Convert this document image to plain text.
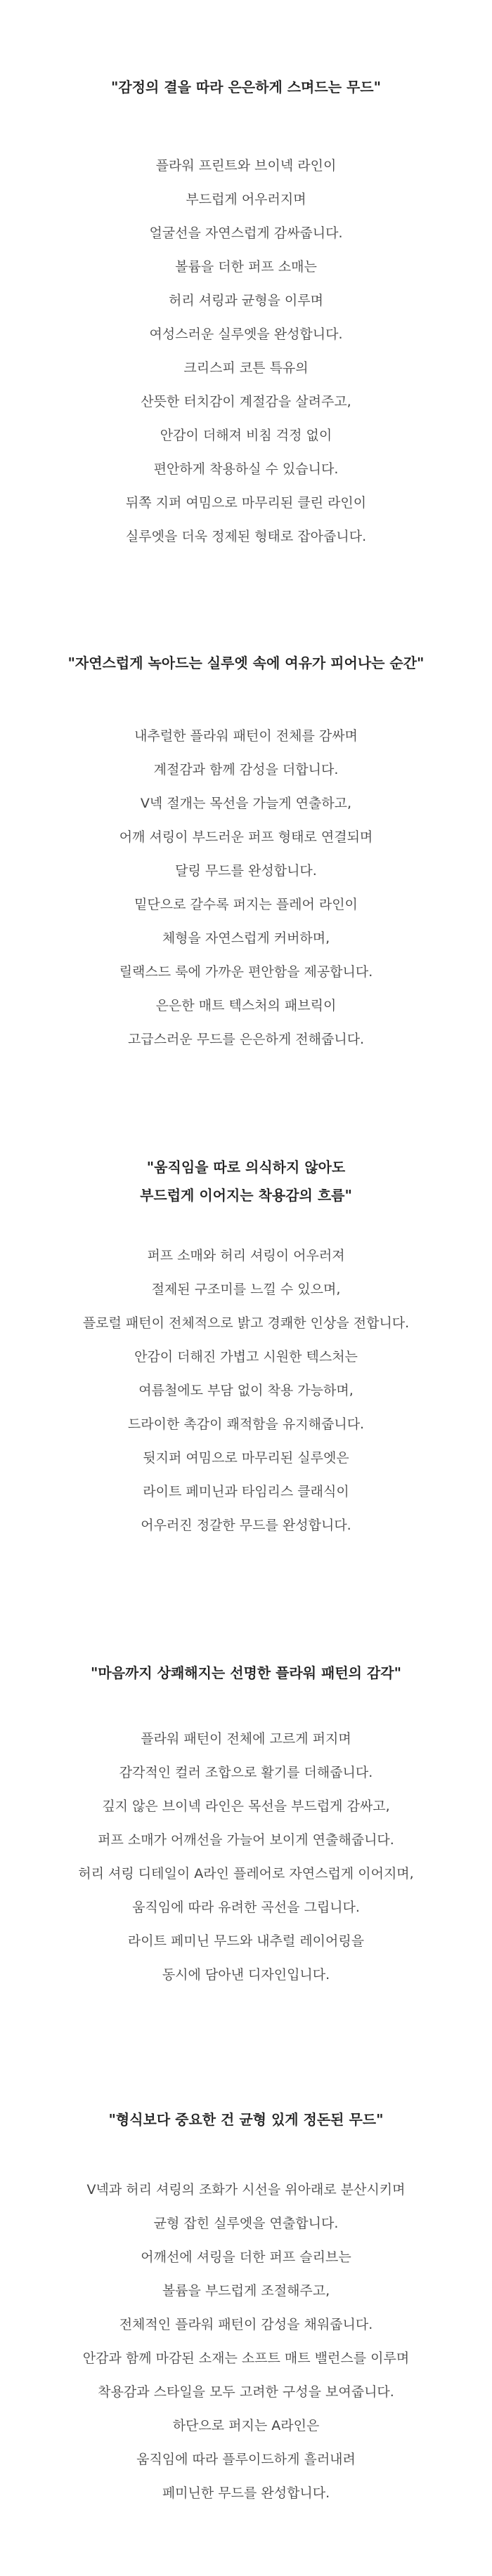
"감정의 결을 따라 은은하게 스며드는 무드"

플라워 프린트와 브이넥 라인이
부드럽게 어우러지며
얼굴선을 자연스럽게 감싸줍니다.
볼륨을 더한 퍼프 소매는
허리 셔링과 균형을 이루며
여성스러운 실루엣을 완성합니다.
크리스피 코튼 특유의
산뜻한 터치감이 계절감을 살려주고,
안감이 더해져 비침 걱정 없이
편안하게 착용하실 수 있습니다.
뒤쪽 지퍼 여밈으로 마무리된 클린 라인이
실루엣을 더욱 정제된 형태로 잡아줍니다.

"자연스럽게 녹아드는 실루엣 속에 여유가 피어나는 순간"

내추럴한 플라워 패턴이 전체를 감싸며
계절감과 함께 감성을 더합니다.
V넥 절개는 목선을 가늘게 연출하고,
어깨 셔링이 부드러운 퍼프 형태로 연결되며
달링 무드를 완성합니다.
밑단으로 갈수록 퍼지는 플레어 라인이
체형을 자연스럽게 커버하며,
릴랙스드 룩에 가까운 편안함을 제공합니다.
은은한 매트 텍스처의 패브릭이
고급스러운 무드를 은은하게 전해줍니다.

"움직임을 따로 의식하지 않아도
부드럽게 이어지는 착용감의 흐름"

퍼프 소매와 허리 셔링이 어우러져
절제된 구조미를 느낄 수 있으며,
플로럴 패턴이 전체적으로 밝고 경쾌한 인상을 전합니다.
안감이 더해진 가볍고 시원한 텍스처는
여름철에도 부담 없이 착용 가능하며,
드라이한 촉감이 쾌적함을 유지해줍니다.
뒷지퍼 여밈으로 마무리된 실루엣은
라이트 페미닌과 타임리스 클래식이
어우러진 정갈한 무드를 완성합니다.

"마음까지 상쾌해지는 선명한 플라워 패턴의 감각"

플라워 패턴이 전체에 고르게 퍼지며
감각적인 컬러 조합으로 활기를 더해줍니다.
깊지 않은 브이넥 라인은 목선을 부드럽게 감싸고,
퍼프 소매가 어깨선을 가늘어 보이게 연출해줍니다.
허리 셔링 디테일이 A라인 플레어로 자연스럽게 이어지며,
움직임에 따라 유려한 곡선을 그립니다.
라이트 페미닌 무드와 내추럴 레이어링을
동시에 담아낸 디자인입니다.

"형식보다 중요한 건 균형 있게 정돈된 무드"

V넥과 허리 셔링의 조화가 시선을 위아래로 분산시키며
균형 잡힌 실루엣을 연출합니다.
어깨선에 셔링을 더한 퍼프 슬리브는
볼륨을 부드럽게 조절해주고,
전체적인 플라워 패턴이 감성을 채워줍니다.
안감과 함께 마감된 소재는 소프트 매트 밸런스를 이루며
착용감과 스타일을 모두 고려한 구성을 보여줍니다.
하단으로 퍼지는 A라인은
움직임에 따라 플루이드하게 흘러내려
페미닌한 무드를 완성합니다.
